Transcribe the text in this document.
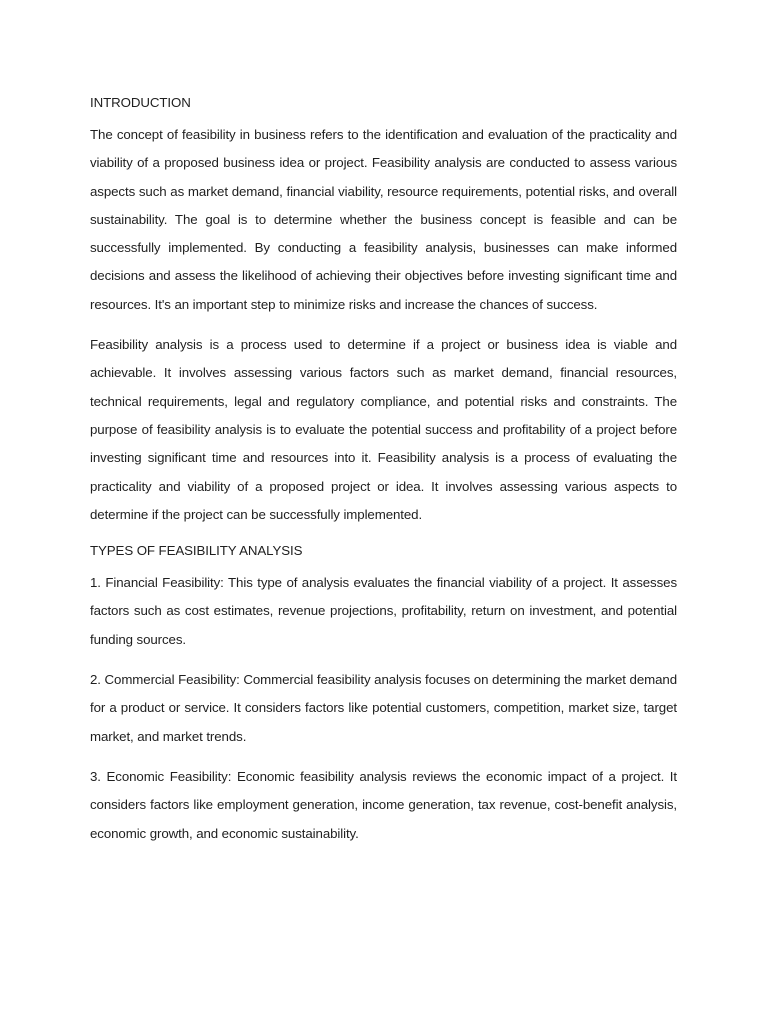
INTRODUCTION

The concept of feasibility in business refers to the identification and evaluation of the practicality and viability of a proposed business idea or project. Feasibility analysis are conducted to assess various aspects such as market demand, financial viability, resource requirements, potential risks, and overall sustainability. The goal is to determine whether the business concept is feasible and can be successfully implemented. By conducting a feasibility analysis, businesses can make informed decisions and assess the likelihood of achieving their objectives before investing significant time and resources. It's an important step to minimize risks and increase the chances of success.

Feasibility analysis is a process used to determine if a project or business idea is viable and achievable. It involves assessing various factors such as market demand, financial resources, technical requirements, legal and regulatory compliance, and potential risks and constraints. The purpose of feasibility analysis is to evaluate the potential success and profitability of a project before investing significant time and resources into it. Feasibility analysis is a process of evaluating the practicality and viability of a proposed project or idea. It involves assessing various aspects to determine if the project can be successfully implemented.

TYPES OF FEASIBILITY ANALYSIS

1. Financial Feasibility: This type of analysis evaluates the financial viability of a project. It assesses factors such as cost estimates, revenue projections, profitability, return on investment, and potential funding sources.

2. Commercial Feasibility: Commercial feasibility analysis focuses on determining the market demand for a product or service. It considers factors like potential customers, competition, market size, target market, and market trends.

3. Economic Feasibility: Economic feasibility analysis reviews the economic impact of a project. It considers factors like employment generation, income generation, tax revenue, cost-benefit analysis, economic growth, and economic sustainability.
